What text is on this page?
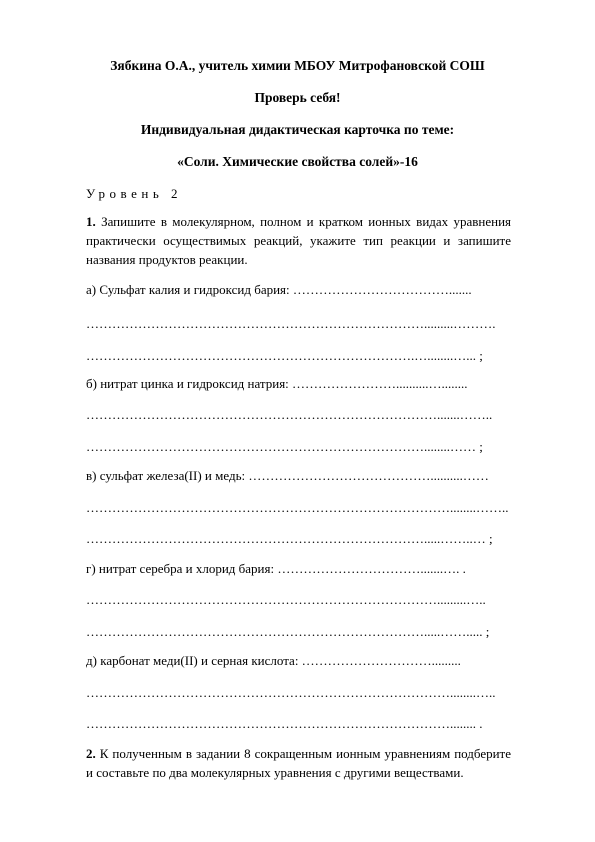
Зябкина О.А., учитель химии МБОУ Митрофановской СОШ
Проверь себя!
Индивидуальная дидактическая карточка по теме:
«Соли. Химические свойства солей»-16
Уровень 2
1. Запишите в молекулярном, полном и кратком ионных видах уравнения практически осуществимых реакций, укажите тип реакции и запишите названия продуктов реакции.
а) Сульфат калия и гидроксид бария: ……………………………….......
…………………………………………………………………….........……….
………………………………………………………………….…........…... ;
б) нитрат цинка и гидроксид натрия: ……………………..........…........
……………………………………………………………………….......……..
……………………………………………………………………........…… ;
в) сульфат железа(II) и медь: ……………………………………..........……
…………………………………………………………………………........……..
…………………………………………………………………….....……..… ;
г) нитрат серебра и хлорид бария: …………………………….......…. .
……………………………………………………………………….........…..
…………………………………………………………………….....……..... ;
д) карбонат меди(II) и серная кислота: ………………………….........
…………………………………………………………………………........…..
…………………………………………………………………………........ .
2. К полученным в задании 8 сокращенным ионным уравнениям подберите и составьте по два молекулярных уравнения с другими веществами.
